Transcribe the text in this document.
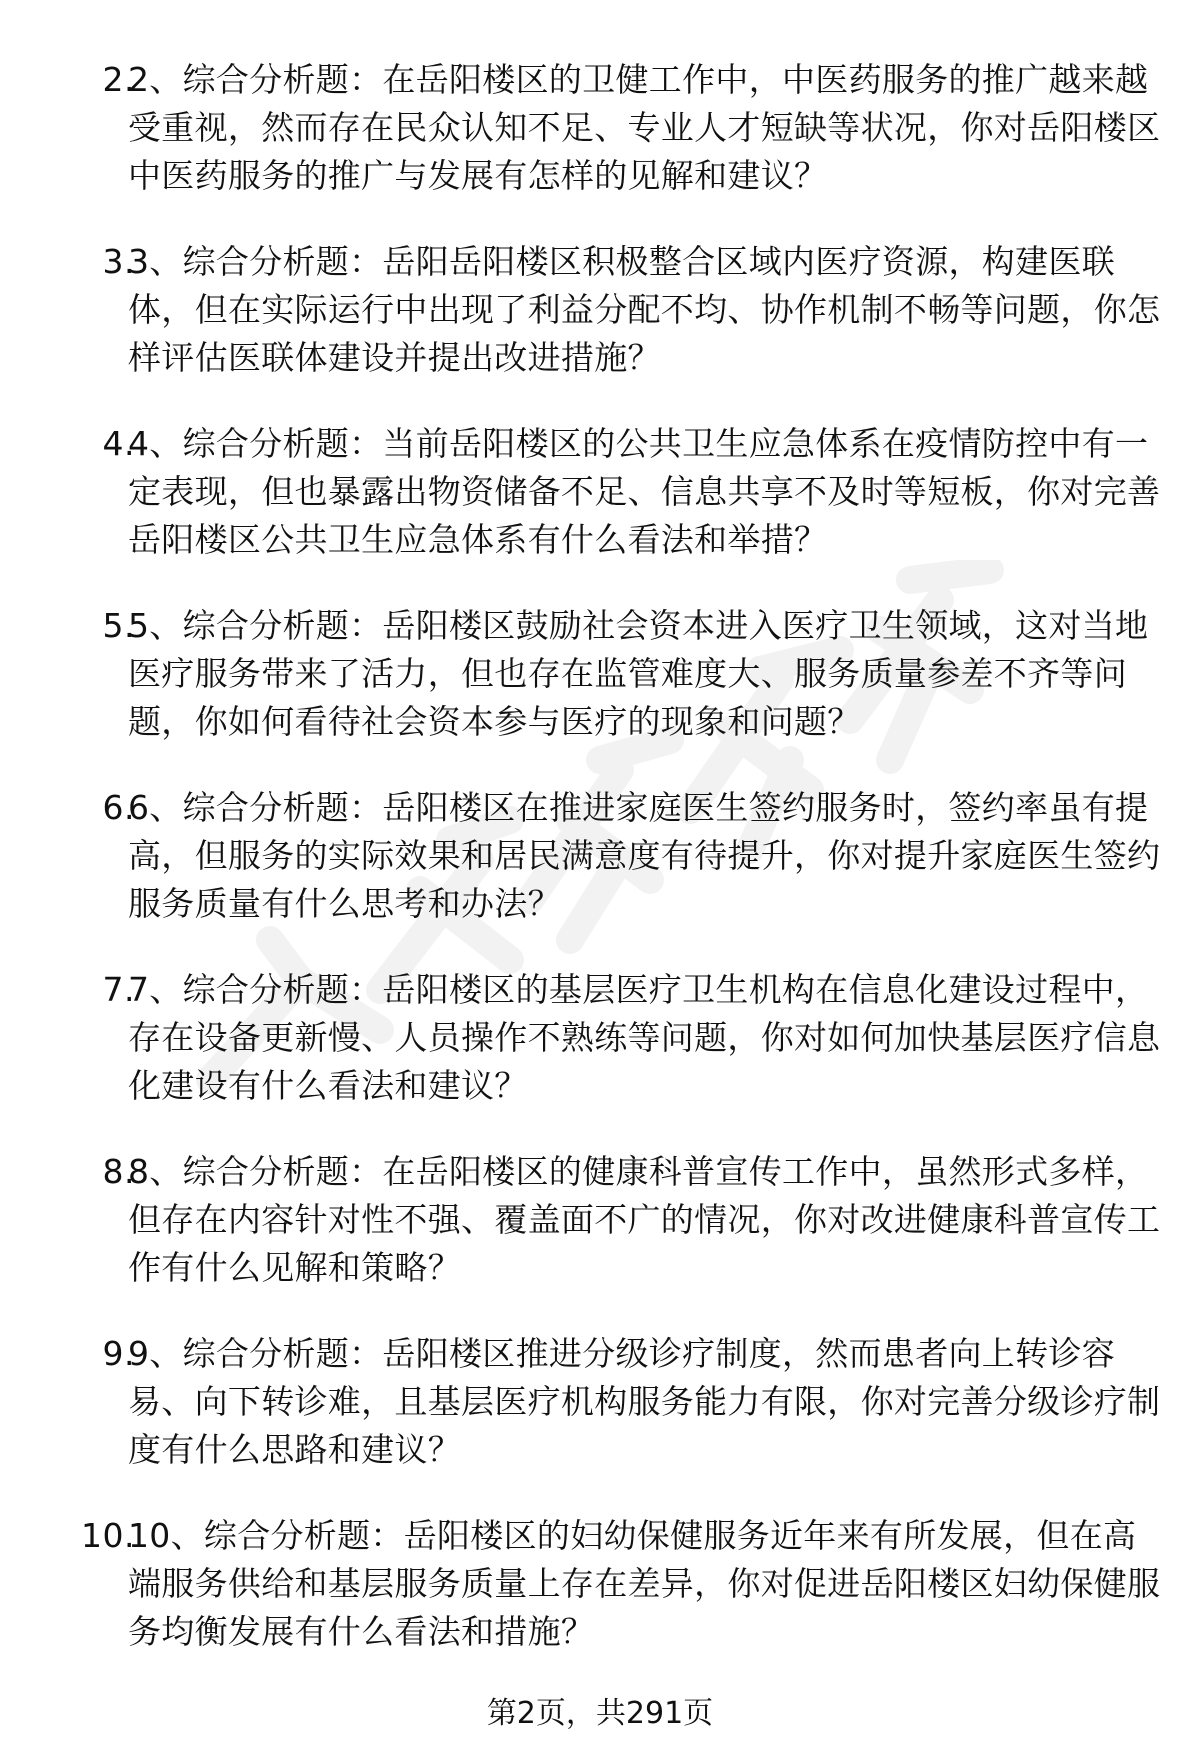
2.
2、综合分析题：在岳阳楼区的卫健工作中，中医药服务的推广越来越受重视，然而存在民众认知不足、专业人才短缺等状况，你对岳阳楼区中医药服务的推广与发展有怎样的见解和建议？
3.
3、综合分析题：岳阳岳阳楼区积极整合区域内医疗资源，构建医联体，但在实际运行中出现了利益分配不均、协作机制不畅等问题，你怎样评估医联体建设并提出改进措施？
4.
4、综合分析题：当前岳阳楼区的公共卫生应急体系在疫情防控中有一定表现，但也暴露出物资储备不足、信息共享不及时等短板，你对完善岳阳楼区公共卫生应急体系有什么看法和举措？
5.
5、综合分析题：岳阳楼区鼓励社会资本进入医疗卫生领域，这对当地医疗服务带来了活力，但也存在监管难度大、服务质量参差不齐等问题，你如何看待社会资本参与医疗的现象和问题？
6.
6、综合分析题：岳阳楼区在推进家庭医生签约服务时，签约率虽有提高，但服务的实际效果和居民满意度有待提升，你对提升家庭医生签约服务质量有什么思考和办法？
7.
7、综合分析题：岳阳楼区的基层医疗卫生机构在信息化建设过程中，存在设备更新慢、人员操作不熟练等问题，你对如何加快基层医疗信息化建设有什么看法和建议？
8.
8、综合分析题：在岳阳楼区的健康科普宣传工作中，虽然形式多样，但存在内容针对性不强、覆盖面不广的情况，你对改进健康科普宣传工作有什么见解和策略？
9.
9、综合分析题：岳阳楼区推进分级诊疗制度，然而患者向上转诊容易、向下转诊难，且基层医疗机构服务能力有限，你对完善分级诊疗制度有什么思路和建议？
10.
10、综合分析题：岳阳楼区的妇幼保健服务近年来有所发展，但在高端服务供给和基层服务质量上存在差异，你对促进岳阳楼区妇幼保健服务均衡发展有什么看法和措施？
第2页，共291页
